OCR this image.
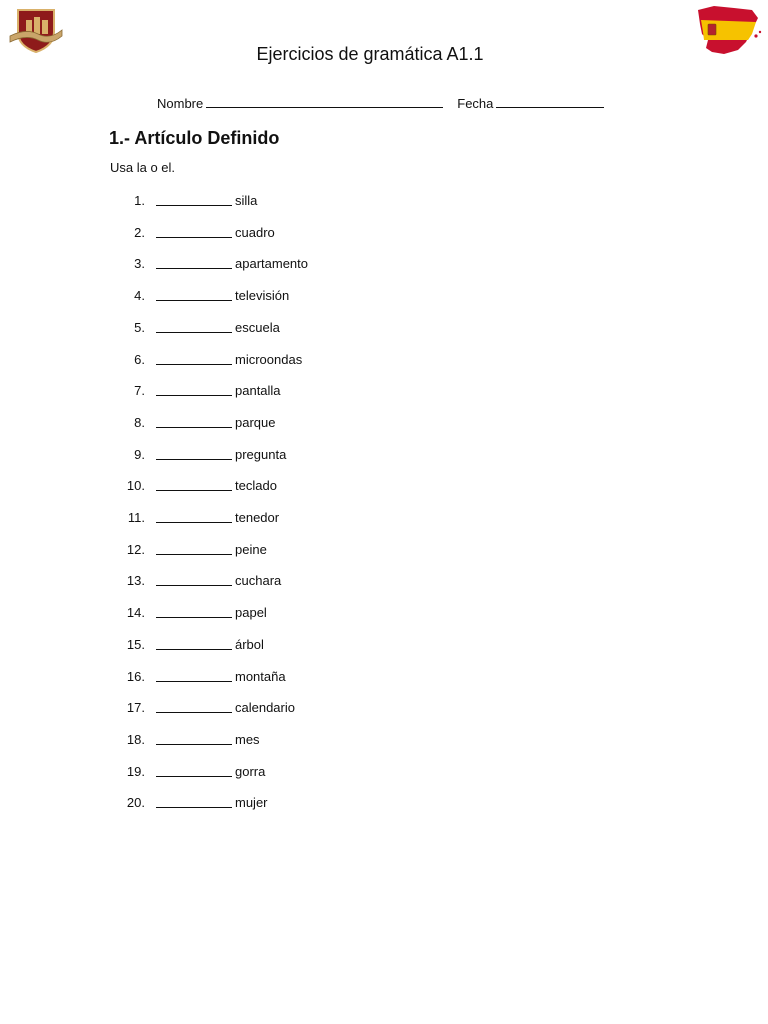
Ejercicios de gramática A1.1
Nombre	Fecha
1.- Artículo Definido
Usa la o el.
1.	silla
2.	cuadro
3.	apartamento
4.	televisión
5.	escuela
6.	microondas
7.	pantalla
8.	parque
9.	pregunta
10.	teclado
11.	tenedor
12.	peine
13.	cuchara
14.	papel
15.	árbol
16.	montaña
17.	calendario
18.	mes
19.	gorra
20.	mujer
